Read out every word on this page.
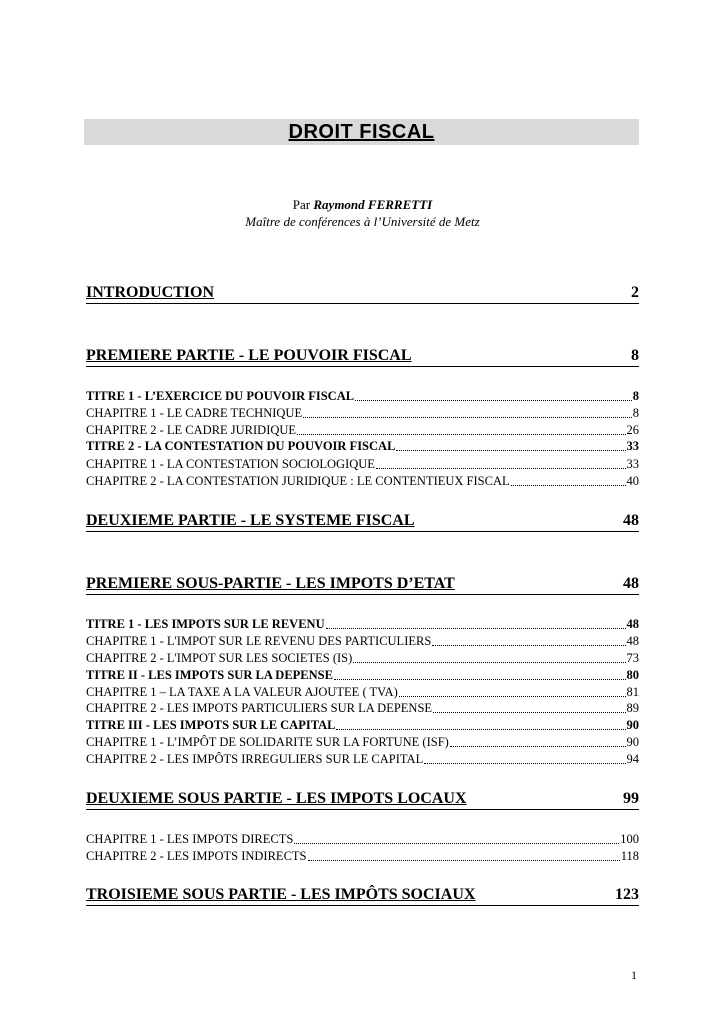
DROIT FISCAL
Par Raymond FERRETTI
Maître de conférences à l’Université de Metz
INTRODUCTION	2
PREMIERE PARTIE - LE POUVOIR FISCAL	8
TITRE 1 - L’EXERCICE DU POUVOIR FISCAL	8
CHAPITRE 1 - LE CADRE TECHNIQUE	8
CHAPITRE 2 - LE CADRE JURIDIQUE	26
TITRE 2 - LA CONTESTATION DU POUVOIR FISCAL	33
CHAPITRE 1 - LA CONTESTATION SOCIOLOGIQUE	33
CHAPITRE 2 - LA CONTESTATION JURIDIQUE : LE CONTENTIEUX FISCAL	40
DEUXIEME PARTIE - LE SYSTEME FISCAL	48
PREMIERE SOUS-PARTIE - LES IMPOTS D’ETAT	48
TITRE 1 - LES IMPOTS SUR LE REVENU	48
CHAPITRE 1 - L'IMPOT SUR LE REVENU DES PARTICULIERS	48
CHAPITRE 2 - L'IMPOT SUR LES SOCIETES (IS)	73
TITRE II - LES IMPOTS SUR LA DEPENSE	80
CHAPITRE 1 – LA TAXE A LA VALEUR AJOUTEE ( TVA)	81
CHAPITRE 2 - LES IMPOTS PARTICULIERS SUR LA DEPENSE	89
TITRE III - LES IMPOTS SUR LE CAPITAL	90
CHAPITRE 1 - L’IMPÔT DE SOLIDARITE SUR LA FORTUNE (ISF)	90
CHAPITRE 2 - LES IMPÔTS IRREGULIERS SUR LE CAPITAL	94
DEUXIEME SOUS PARTIE - LES IMPOTS LOCAUX	99
CHAPITRE 1 - LES IMPOTS DIRECTS	100
CHAPITRE 2 - LES IMPOTS INDIRECTS	118
TROISIEME SOUS PARTIE - LES IMPÔTS SOCIAUX	123
1
